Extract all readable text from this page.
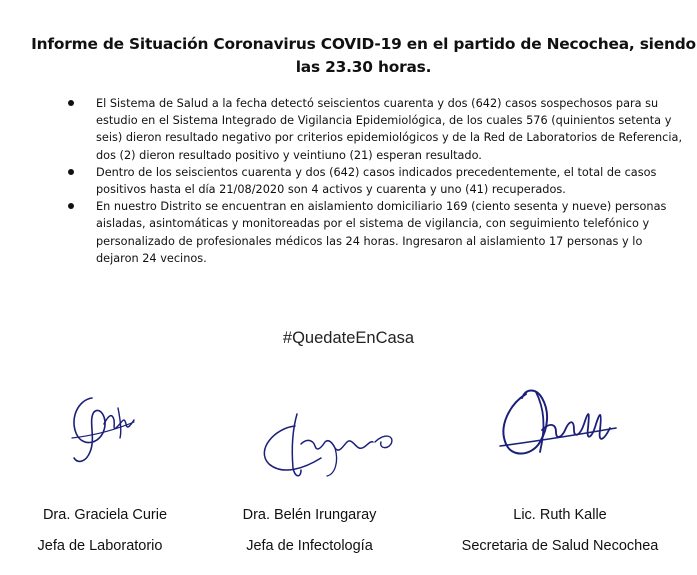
Informe de Situación Coronavirus COVID-19 en el partido de Necochea, siendo las 23.30 horas.
El Sistema de Salud a la fecha detectó seiscientos cuarenta y dos (642) casos sospechosos para su estudio en el Sistema Integrado de Vigilancia Epidemiológica, de los cuales 576 (quinientos setenta y seis) dieron resultado negativo por criterios epidemiológicos y de la Red de Laboratorios de Referencia, dos (2) dieron resultado positivo y veintiuno (21) esperan resultado.
Dentro de los seiscientos cuarenta y dos (642) casos indicados precedentemente, el total de casos positivos hasta el día 21/08/2020 son 4 activos y cuarenta y uno (41) recuperados.
En nuestro Distrito se encuentran en aislamiento domiciliario 169 (ciento sesenta y nueve) personas aisladas, asintomáticas y monitoreadas por el sistema de vigilancia, con seguimiento telefónico y personalizado de profesionales médicos las 24 horas. Ingresaron al aislamiento 17 personas y lo dejaron 24 vecinos.
#QuedateEnCasa
Dra. Graciela Curie	Dra. Belén Irungaray	Lic. Ruth Kalle
Jefa de Laboratorio	Jefa de Infectología	Secretaria de Salud Necochea
